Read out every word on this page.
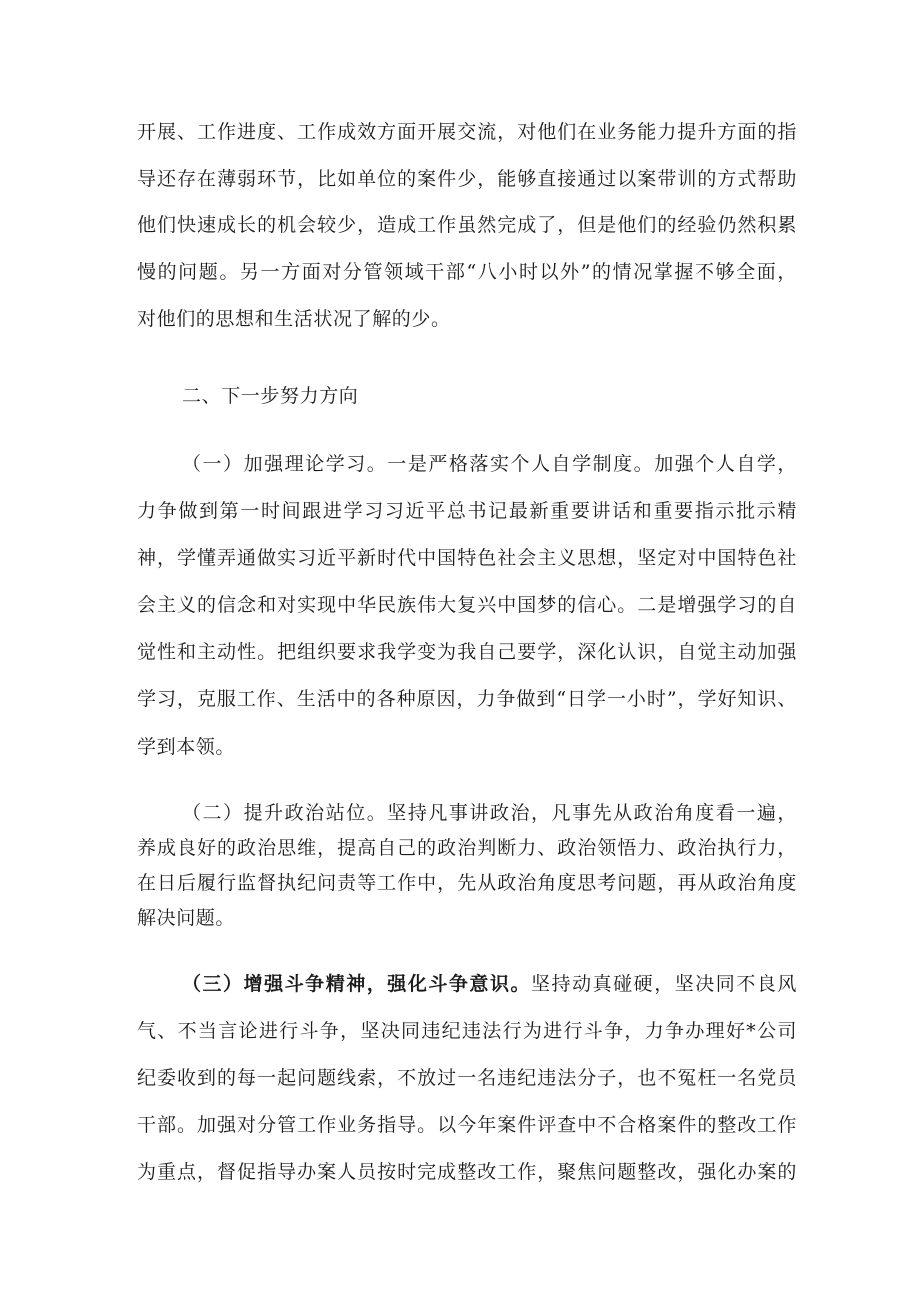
开展、工作进度、工作成效方面开展交流，对他们在业务能力提升方面的指
导还存在薄弱环节，比如单位的案件少，能够直接通过以案带训的方式帮助
他们快速成长的机会较少，造成工作虽然完成了，但是他们的经验仍然积累
慢的问题。另一方面对分管领域干部“八小时以外”的情况掌握不够全面，
对他们的思想和生活状况了解的少。
二、下一步努力方向
（一）加强理论学习。一是严格落实个人自学制度。加强个人自学，
力争做到第一时间跟进学习习近平总书记最新重要讲话和重要指示批示精
神，学懂弄通做实习近平新时代中国特色社会主义思想，坚定对中国特色社
会主义的信念和对实现中华民族伟大复兴中国梦的信心。二是增强学习的自
觉性和主动性。把组织要求我学变为我自己要学，深化认识，自觉主动加强
学习，克服工作、生活中的各种原因，力争做到“日学一小时”，学好知识、
学到本领。
（二）提升政治站位。坚持凡事讲政治，凡事先从政治角度看一遍，
养成良好的政治思维，提高自己的政治判断力、政治领悟力、政治执行力，
在日后履行监督执纪问责等工作中，先从政治角度思考问题，再从政治角度
解决问题。
（三）增强斗争精神，强化斗争意识。坚持动真碰硬，坚决同不良风
气、不当言论进行斗争，坚决同违纪违法行为进行斗争，力争办理好*公司
纪委收到的每一起问题线索，不放过一名违纪违法分子，也不冤枉一名党员
干部。加强对分管工作业务指导。以今年案件评查中不合格案件的整改工作
为重点，督促指导办案人员按时完成整改工作，聚焦问题整改，强化办案的
